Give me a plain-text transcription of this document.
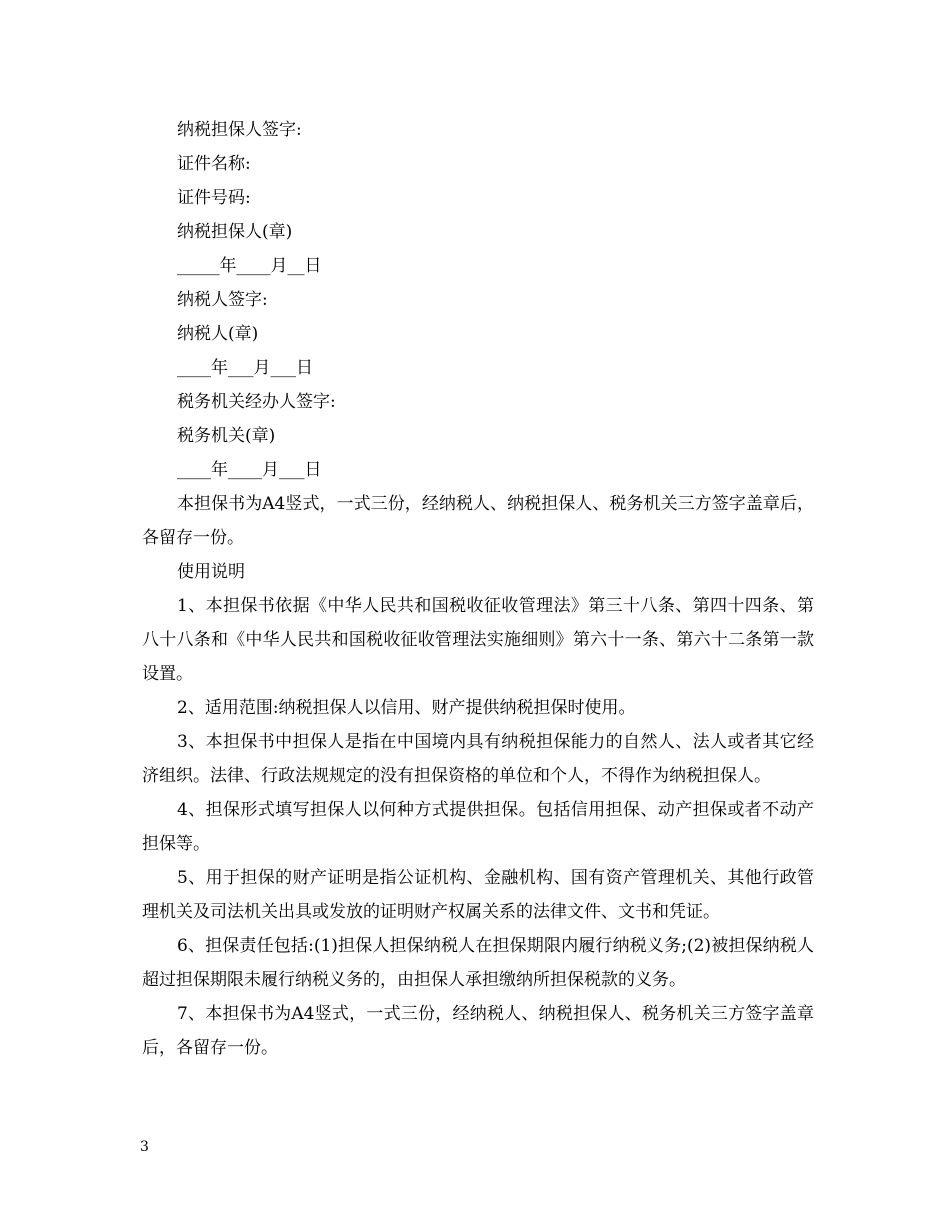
纳税担保人签字:
证件名称:
证件号码:
纳税担保人(章)
_____年____月__日
纳税人签字:
纳税人(章)
____年___月___日
税务机关经办人签字:
税务机关(章)
____年____月___日

本担保书为A4竖式，一式三份，经纳税人、纳税担保人、税务机关三方签字盖章后，各留存一份。

使用说明

1、本担保书依据《中华人民共和国税收征收管理法》第三十八条、第四十四条、第八十八条和《中华人民共和国税收征收管理法实施细则》第六十一条、第六十二条第一款设置。

2、适用范围:纳税担保人以信用、财产提供纳税担保时使用。

3、本担保书中担保人是指在中国境内具有纳税担保能力的自然人、法人或者其它经济组织。法律、行政法规规定的没有担保资格的单位和个人，不得作为纳税担保人。

4、担保形式填写担保人以何种方式提供担保。包括信用担保、动产担保或者不动产担保等。

5、用于担保的财产证明是指公证机构、金融机构、国有资产管理机关、其他行政管理机关及司法机关出具或发放的证明财产权属关系的法律文件、文书和凭证。

6、担保责任包括:(1)担保人担保纳税人在担保期限内履行纳税义务;(2)被担保纳税人超过担保期限未履行纳税义务的，由担保人承担缴纳所担保税款的义务。

7、本担保书为A4竖式，一式三份，经纳税人、纳税担保人、税务机关三方签字盖章后，各留存一份。

3
